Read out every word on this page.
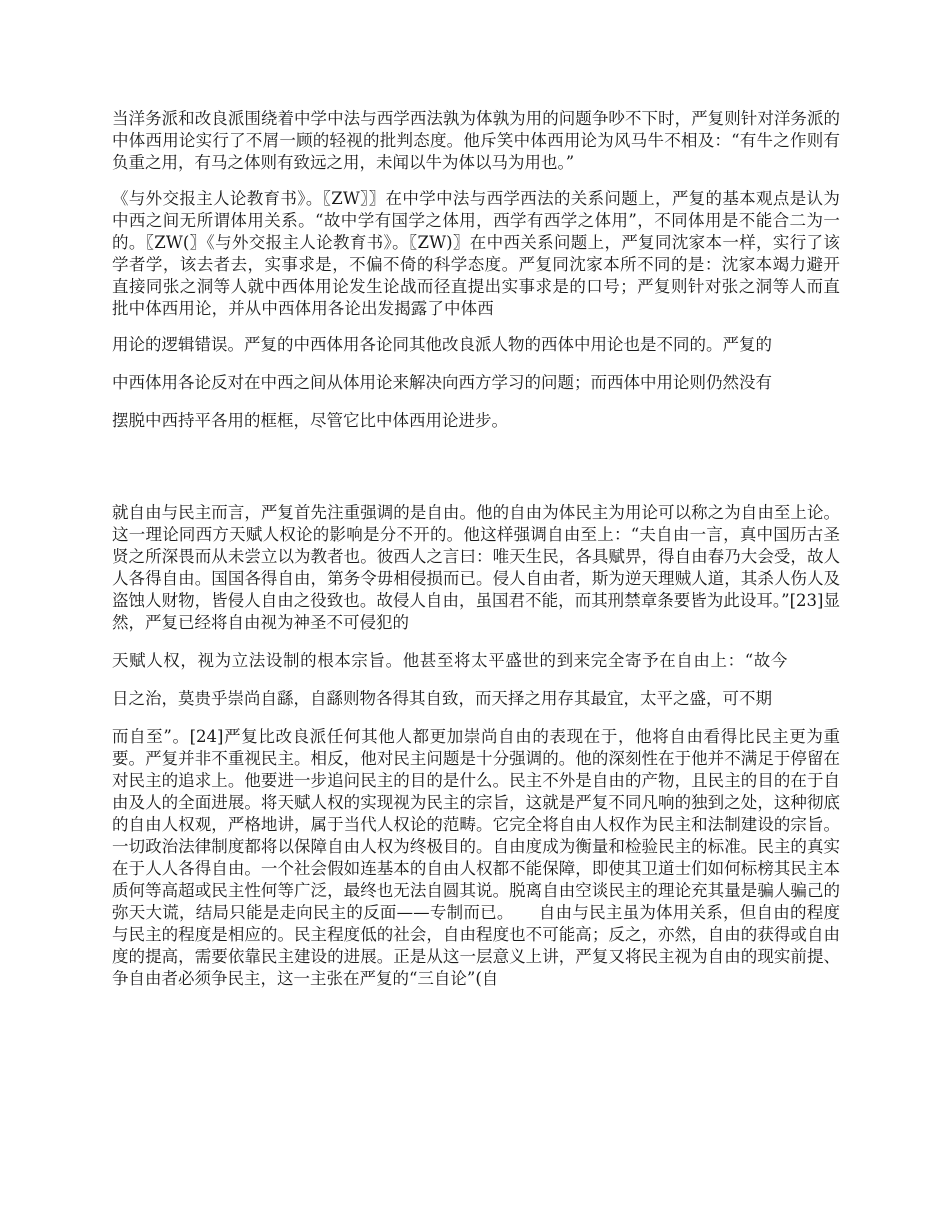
当洋务派和改良派围绕着中学中法与西学西法孰为体孰为用的问题争吵不下时，严复则针对洋务派的中体西用论实行了不屑一顾的轻视的批判态度。他斥笑中体西用论为风马牛不相及：“有牛之作则有负重之用，有马之体则有致远之用，未闻以牛为体以马为用也。”

《与外交报主人论教育书》。〖ZW〗〗在中学中法与西学西法的关系问题上，严复的基本观点是认为中西之间无所谓体用关系。“故中学有国学之体用，西学有西学之体用”，不同体用是不能合二为一的。〖ZW(〗《与外交报主人论教育书》。〖ZW)〗在中西关系问题上，严复同沈家本一样，实行了该学者学，该去者去，实事求是，不偏不倚的科学态度。严复同沈家本所不同的是：沈家本竭力避开直接同张之洞等人就中西体用论发生论战而径直提出实事求是的口号；严复则针对张之洞等人而直批中体西用论，并从中西体用各论出发揭露了中体西

用论的逻辑错误。严复的中西体用各论同其他改良派人物的西体中用论也是不同的。严复的

中西体用各论反对在中西之间从体用论来解决向西方学习的问题；而西体中用论则仍然没有

摆脱中西持平各用的框框，尽管它比中体西用论进步。

就自由与民主而言，严复首先注重强调的是自由。他的自由为体民主为用论可以称之为自由至上论。这一理论同西方天赋人权论的影响是分不开的。他这样强调自由至上：“夫自由一言，真中国历古圣贤之所深畏而从未尝立以为教者也。彼西人之言曰：唯天生民，各具赋畀，得自由春乃大会受，故人人各得自由。国国各得自由，第务令毋相侵损而已。侵人自由者，斯为逆天理贼人道，其杀人伤人及盗蚀人财物，皆侵人自由之役致也。故侵人自由，虽国君不能，而其刑禁章条要皆为此设耳。”[23]显然，严复已经将自由视为神圣不可侵犯的

天赋人权，视为立法设制的根本宗旨。他甚至将太平盛世的到来完全寄予在自由上：“故今

日之治，莫贵乎崇尚自繇，自繇则物各得其自致，而天择之用存其最宜，太平之盛，可不期

而自至”。[24]严复比改良派任何其他人都更加崇尚自由的表现在于，他将自由看得比民主更为重要。严复并非不重视民主。相反，他对民主问题是十分强调的。他的深刻性在于他并不满足于停留在对民主的追求上。他要进一步追问民主的目的是什么。民主不外是自由的产物，且民主的目的在于自由及人的全面进展。将天赋人权的实现视为民主的宗旨，这就是严复不同凡响的独到之处，这种彻底的自由人权观，严格地讲，属于当代人权论的范畴。它完全将自由人权作为民主和法制建设的宗旨。一切政治法律制度都将以保障自由人权为终极目的。自由度成为衡量和检验民主的标准。民主的真实在于人人各得自由。一个社会假如连基本的自由人权都不能保障，即使其卫道士们如何标榜其民主本质何等高超或民主性何等广泛，最终也无法自圆其说。脱离自由空谈民主的理论充其量是骗人骗己的弥天大谎，结局只能是走向民主的反面——专制而已。　　自由与民主虽为体用关系，但自由的程度与民主的程度是相应的。民主程度低的社会，自由程度也不可能高；反之，亦然，自由的获得或自由度的提高，需要依靠民主建设的进展。正是从这一层意义上讲，严复又将民主视为自由的现实前提、争自由者必须争民主，这一主张在严复的“三自论”(自
